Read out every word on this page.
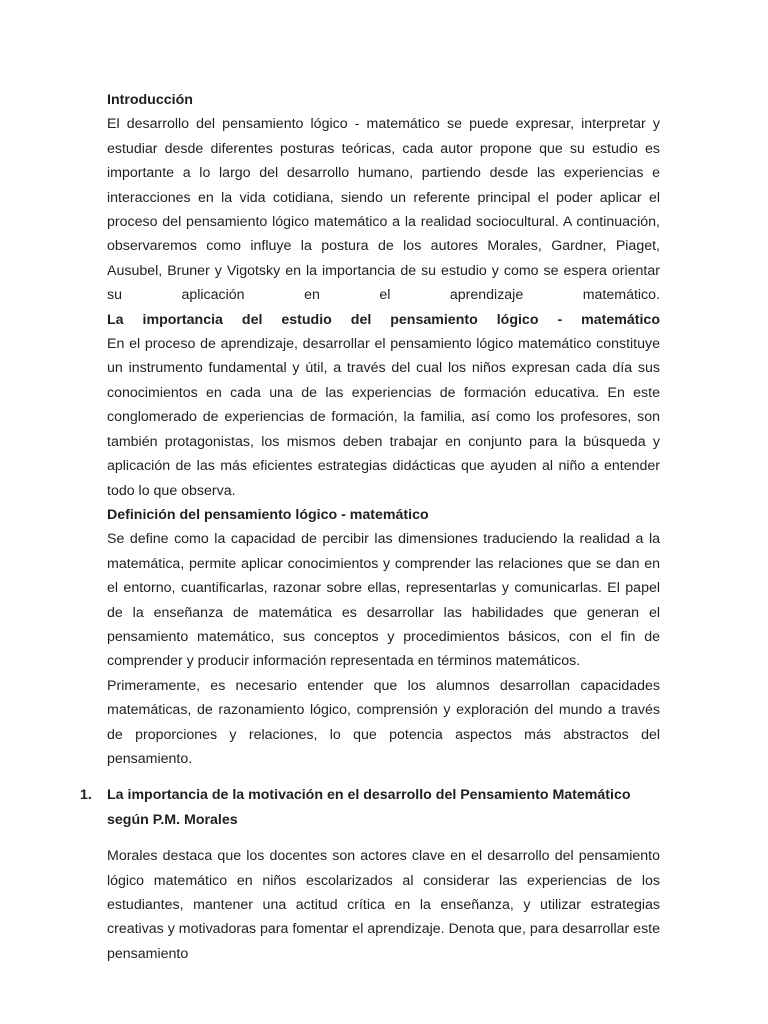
Introducción

El desarrollo del pensamiento lógico - matemático se puede expresar, interpretar y estudiar desde diferentes posturas teóricas, cada autor propone que su estudio es importante a lo largo del desarrollo humano, partiendo desde las experiencias e interacciones en la vida cotidiana, siendo un referente principal el poder aplicar el proceso del pensamiento lógico matemático a la realidad sociocultural. A continuación, observaremos como influye la postura de los autores Morales, Gardner, Piaget, Ausubel, Bruner y Vigotsky en la importancia de su estudio y como se espera orientar su aplicación en el aprendizaje matemático.

La importancia del estudio del pensamiento lógico - matemático

En el proceso de aprendizaje, desarrollar el pensamiento lógico matemático constituye un instrumento fundamental y útil, a través del cual los niños expresan cada día sus conocimientos en cada una de las experiencias de formación educativa. En este conglomerado de experiencias de formación, la familia, así como los profesores, son también protagonistas, los mismos deben trabajar en conjunto para la búsqueda y aplicación de las más eficientes estrategias didácticas que ayuden al niño a entender todo lo que observa.

Definición del pensamiento lógico - matemático

Se define como la capacidad de percibir las dimensiones traduciendo la realidad a la matemática, permite aplicar conocimientos y comprender las relaciones que se dan en el entorno, cuantificarlas, razonar sobre ellas, representarlas y comunicarlas. El papel de la enseñanza de matemática es desarrollar las habilidades que generan el pensamiento matemático, sus conceptos y procedimientos básicos, con el fin de comprender y producir información representada en términos matemáticos.

Primeramente, es necesario entender que los alumnos desarrollan capacidades matemáticas, de razonamiento lógico, comprensión y exploración del mundo a través de proporciones y relaciones, lo que potencia aspectos más abstractos del pensamiento.

1. La importancia de la motivación en el desarrollo del Pensamiento Matemático según P.M. Morales

Morales destaca que los docentes son actores clave en el desarrollo del pensamiento lógico matemático en niños escolarizados al considerar las experiencias de los estudiantes, mantener una actitud crítica en la enseñanza, y utilizar estrategias creativas y motivadoras para fomentar el aprendizaje. Denota que, para desarrollar este pensamiento
